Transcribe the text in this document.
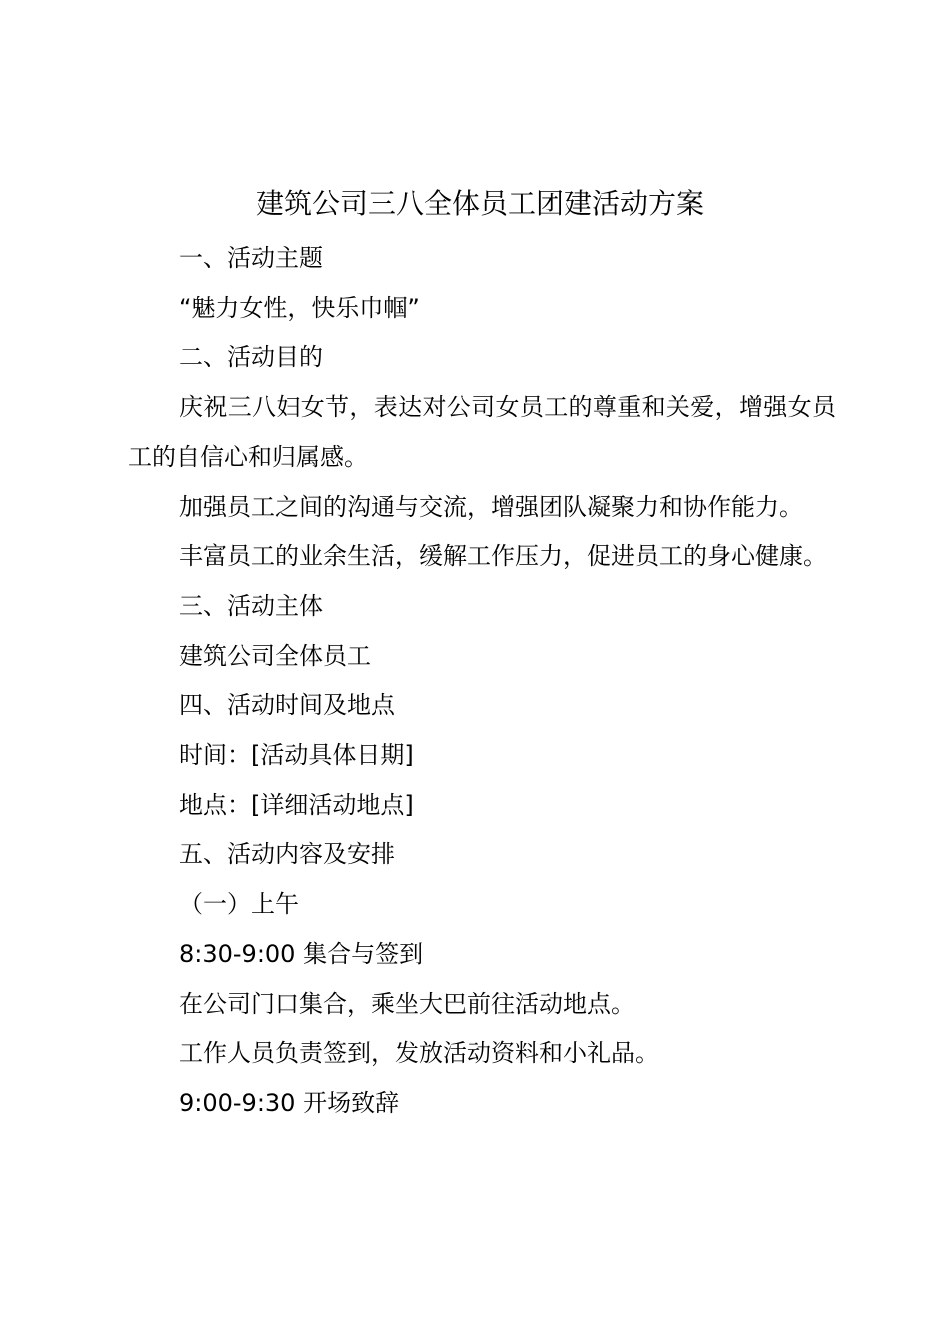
建筑公司三八全体员工团建活动方案

一、活动主题

“魅力女性，快乐巾帼”

二、活动目的

庆祝三八妇女节，表达对公司女员工的尊重和关爱，增强女员工的自信心和归属感。

加强员工之间的沟通与交流，增强团队凝聚力和协作能力。

丰富员工的业余生活，缓解工作压力，促进员工的身心健康。

三、活动主体

建筑公司全体员工

四、活动时间及地点

时间：[活动具体日期]

地点：[详细活动地点]

五、活动内容及安排

（一）上午

8:30-9:00 集合与签到

在公司门口集合，乘坐大巴前往活动地点。

工作人员负责签到，发放活动资料和小礼品。

9:00-9:30 开场致辞
